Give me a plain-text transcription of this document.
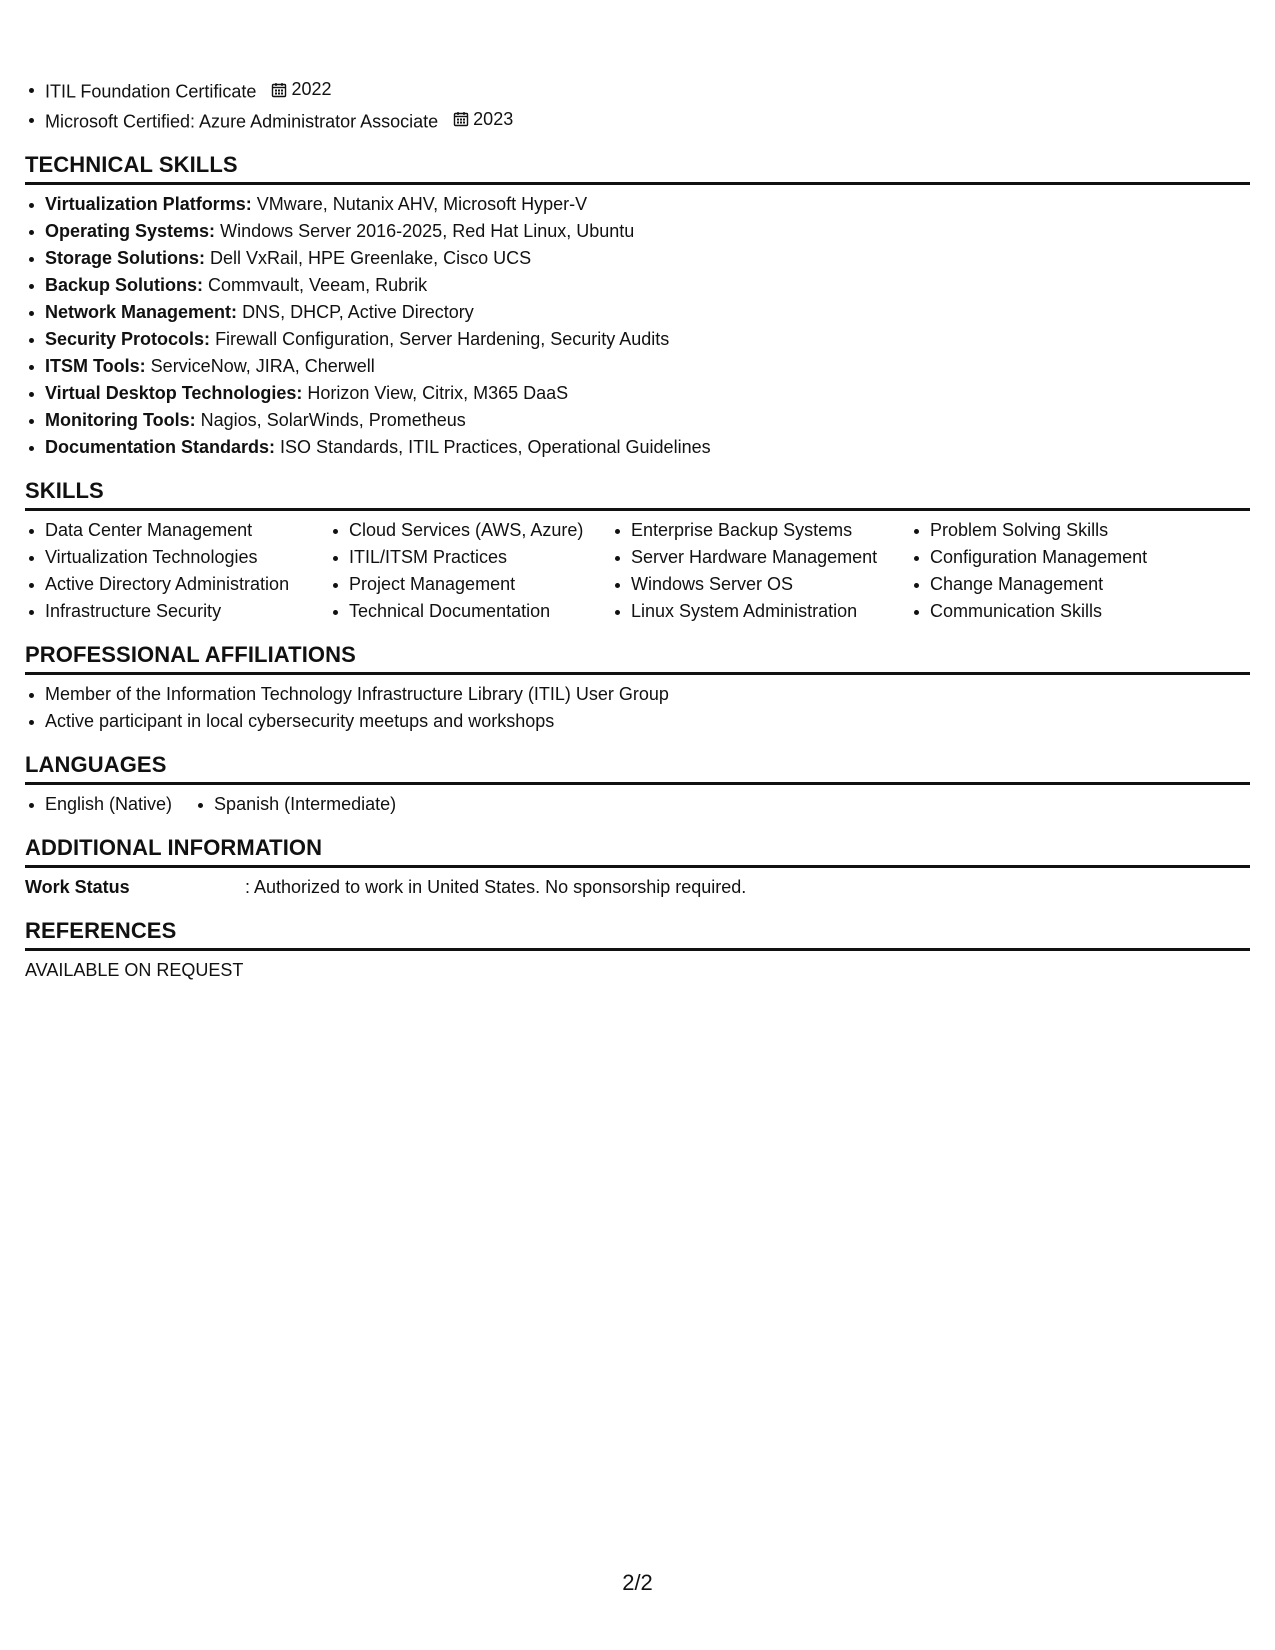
ITIL Foundation Certificate 2022
Microsoft Certified: Azure Administrator Associate 2023
TECHNICAL SKILLS
Virtualization Platforms: VMware, Nutanix AHV, Microsoft Hyper-V
Operating Systems: Windows Server 2016-2025, Red Hat Linux, Ubuntu
Storage Solutions: Dell VxRail, HPE Greenlake, Cisco UCS
Backup Solutions: Commvault, Veeam, Rubrik
Network Management: DNS, DHCP, Active Directory
Security Protocols: Firewall Configuration, Server Hardening, Security Audits
ITSM Tools: ServiceNow, JIRA, Cherwell
Virtual Desktop Technologies: Horizon View, Citrix, M365 DaaS
Monitoring Tools: Nagios, SolarWinds, Prometheus
Documentation Standards: ISO Standards, ITIL Practices, Operational Guidelines
SKILLS
Data Center Management
Virtualization Technologies
Active Directory Administration
Infrastructure Security
Cloud Services (AWS, Azure)
ITIL/ITSM Practices
Project Management
Technical Documentation
Enterprise Backup Systems
Server Hardware Management
Windows Server OS
Linux System Administration
Problem Solving Skills
Configuration Management
Change Management
Communication Skills
PROFESSIONAL AFFILIATIONS
Member of the Information Technology Infrastructure Library (ITIL) User Group
Active participant in local cybersecurity meetups and workshops
LANGUAGES
English (Native)	Spanish (Intermediate)
ADDITIONAL INFORMATION
Work Status	: Authorized to work in United States. No sponsorship required.
REFERENCES
AVAILABLE ON REQUEST
2/2
